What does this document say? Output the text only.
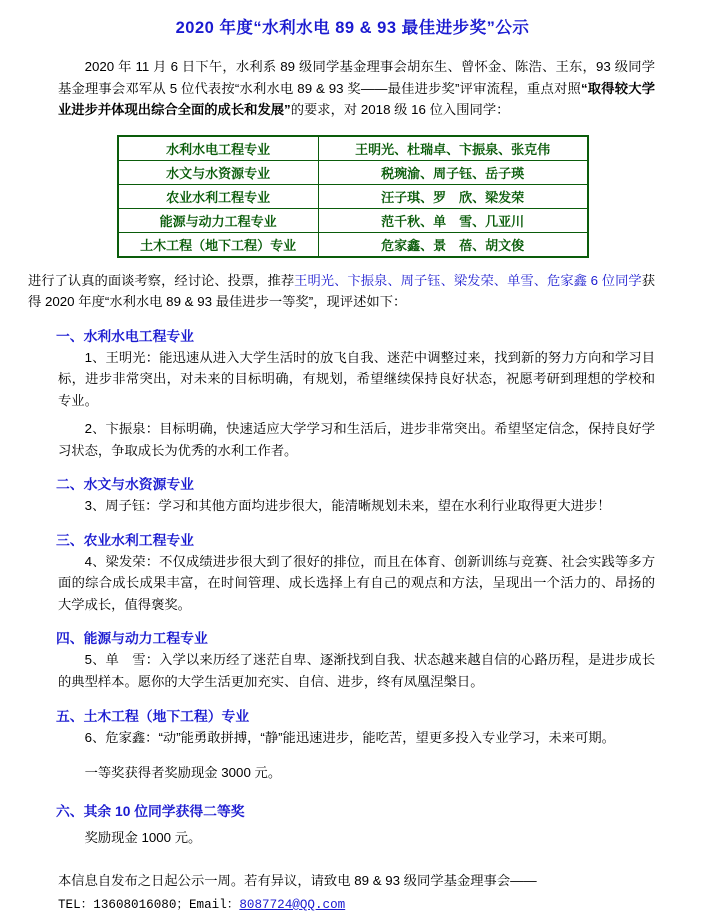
2020 年度“水利水电 89 & 93 最佳进步奖”公示

2020 年 11 月 6 日下午，水利系 89 级同学基金理事会胡东生、曾怀金、陈浩、王东，93 级同学基金理事会邓军从 5 位代表按“水利水电 89 & 93 奖——最佳进步奖”评审流程，重点对照“取得较大学业进步并体现出综合全面的成长和发展”的要求，对 2018 级 16 位入围同学：

水利水电工程专业	王明光、杜瑞卓、卞振泉、张克伟
水文与水资源专业	税琬渝、周子钰、岳子瑛
农业水利工程专业	汪子琪、罗　欣、梁发荣
能源与动力工程专业	范千秋、单　雪、几亚川
土木工程（地下工程）专业	危家鑫、景　蓓、胡文俊

进行了认真的面谈考察，经讨论、投票，推荐王明光、卞振泉、周子钰、梁发荣、单雪、危家鑫 6 位同学获得 2020 年度“水利水电 89 & 93 最佳进步一等奖”，现评述如下：

一、水利水电工程专业

1、王明光：能迅速从进入大学生活时的放飞自我、迷茫中调整过来，找到新的努力方向和学习目标，进步非常突出，对未来的目标明确，有规划，希望继续保持良好状态，祝愿考研到理想的学校和专业。

2、卞振泉：目标明确，快速适应大学学习和生活后，进步非常突出。希望坚定信念，保持良好学习状态，争取成长为优秀的水利工作者。

二、水文与水资源专业

3、周子钰：学习和其他方面均进步很大，能清晰规划未来，望在水利行业取得更大进步！

三、农业水利工程专业

4、梁发荣：不仅成绩进步很大到了很好的排位，而且在体育、创新训练与竞赛、社会实践等多方面的综合成长成果丰富，在时间管理、成长选择上有自己的观点和方法，呈现出一个活力的、昂扬的大学成长，值得褒奖。

四、能源与动力工程专业

5、单　雪：入学以来历经了迷茫自卑、逐渐找到自我、状态越来越自信的心路历程，是进步成长的典型样本。愿你的大学生活更加充实、自信、进步，终有凤凰涅槃日。

五、土木工程（地下工程）专业

6、危家鑫：“动”能勇敢拼搏，“静”能迅速进步，能吃苦，望更多投入专业学习，未来可期。

一等奖获得者奖励现金 3000 元。

六、其余 10 位同学获得二等奖

奖励现金 1000 元。

本信息自发布之日起公示一周。若有异议，请致电 89 & 93 级同学基金理事会——
TEL：13608016080；Email：8087724@QQ.com
